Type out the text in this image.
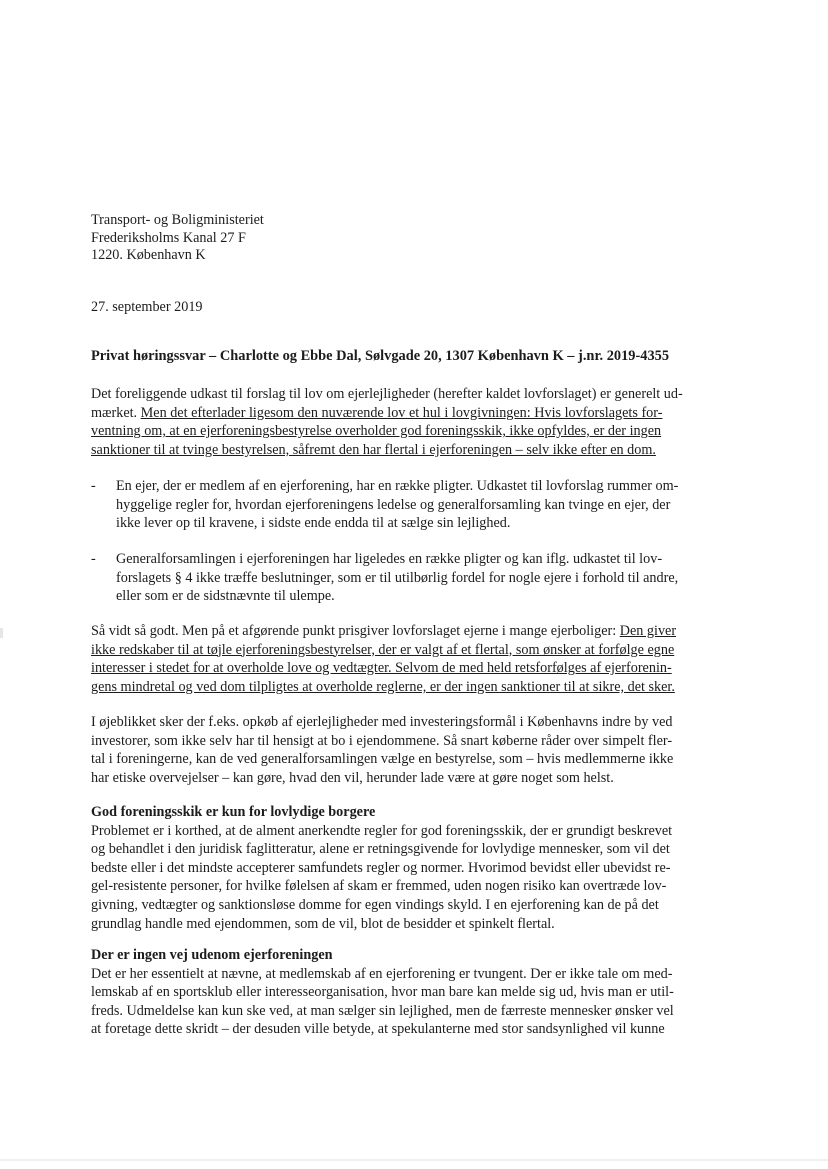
Transport- og Boligministeriet
Frederiksholms Kanal 27 F
1220. København K
27. september 2019
Privat høringssvar – Charlotte og Ebbe Dal, Sølvgade 20, 1307 København K – j.nr. 2019-4355
Det foreliggende udkast til forslag til lov om ejerlejligheder (herefter kaldet lovforslaget) er generelt ud-
mærket. Men det efterlader ligesom den nuværende lov et hul i lovgivningen: Hvis lovforslagets for-
ventning om, at en ejerforeningsbestyrelse overholder god foreningsskik, ikke opfyldes, er der ingen
sanktioner til at tvinge bestyrelsen, såfremt den har flertal i ejerforeningen – selv ikke efter en dom.
- En ejer, der er medlem af en ejerforening, har en række pligter. Udkastet til lovforslag rummer om-
hyggelige regler for, hvordan ejerforeningens ledelse og generalforsamling kan tvinge en ejer, der
ikke lever op til kravene, i sidste ende endda til at sælge sin lejlighed.
- Generalforsamlingen i ejerforeningen har ligeledes en række pligter og kan iflg. udkastet til lov-
forslagets § 4 ikke træffe beslutninger, som er til utilbørlig fordel for nogle ejere i forhold til andre,
eller som er de sidstnævnte til ulempe.
Så vidt så godt. Men på et afgørende punkt prisgiver lovforslaget ejerne i mange ejerboliger: Den giver
ikke redskaber til at tøjle ejerforeningsbestyrelser, der er valgt af et flertal, som ønsker at forfølge egne
interesser i stedet for at overholde love og vedtægter. Selvom de med held retsforfølges af ejerforenin-
gens mindretal og ved dom tilpligtes at overholde reglerne, er der ingen sanktioner til at sikre, det sker.
I øjeblikket sker der f.eks. opkøb af ejerlejligheder med investeringsformål i Københavns indre by ved
investorer, som ikke selv har til hensigt at bo i ejendommene. Så snart køberne råder over simpelt fler-
tal i foreningerne, kan de ved generalforsamlingen vælge en bestyrelse, som – hvis medlemmerne ikke
har etiske overvejelser – kan gøre, hvad den vil, herunder lade være at gøre noget som helst.
God foreningsskik er kun for lovlydige borgere
Problemet er i korthed, at de alment anerkendte regler for god foreningsskik, der er grundigt beskrevet
og behandlet i den juridisk faglitteratur, alene er retningsgivende for lovlydige mennesker, som vil det
bedste eller i det mindste accepterer samfundets regler og normer. Hvorimod bevidst eller ubevidst re-
gel-resistente personer, for hvilke følelsen af skam er fremmed, uden nogen risiko kan overtræde lov-
givning, vedtægter og sanktionsløse domme for egen vindings skyld. I en ejerforening kan de på det
grundlag handle med ejendommen, som de vil, blot de besidder et spinkelt flertal.
Der er ingen vej udenom ejerforeningen
Det er her essentielt at nævne, at medlemskab af en ejerforening er tvungent. Der er ikke tale om med-
lemskab af en sportsklub eller interesseorganisation, hvor man bare kan melde sig ud, hvis man er util-
freds. Udmeldelse kan kun ske ved, at man sælger sin lejlighed, men de færreste mennesker ønsker vel
at foretage dette skridt – der desuden ville betyde, at spekulanterne med stor sandsynlighed vil kunne
